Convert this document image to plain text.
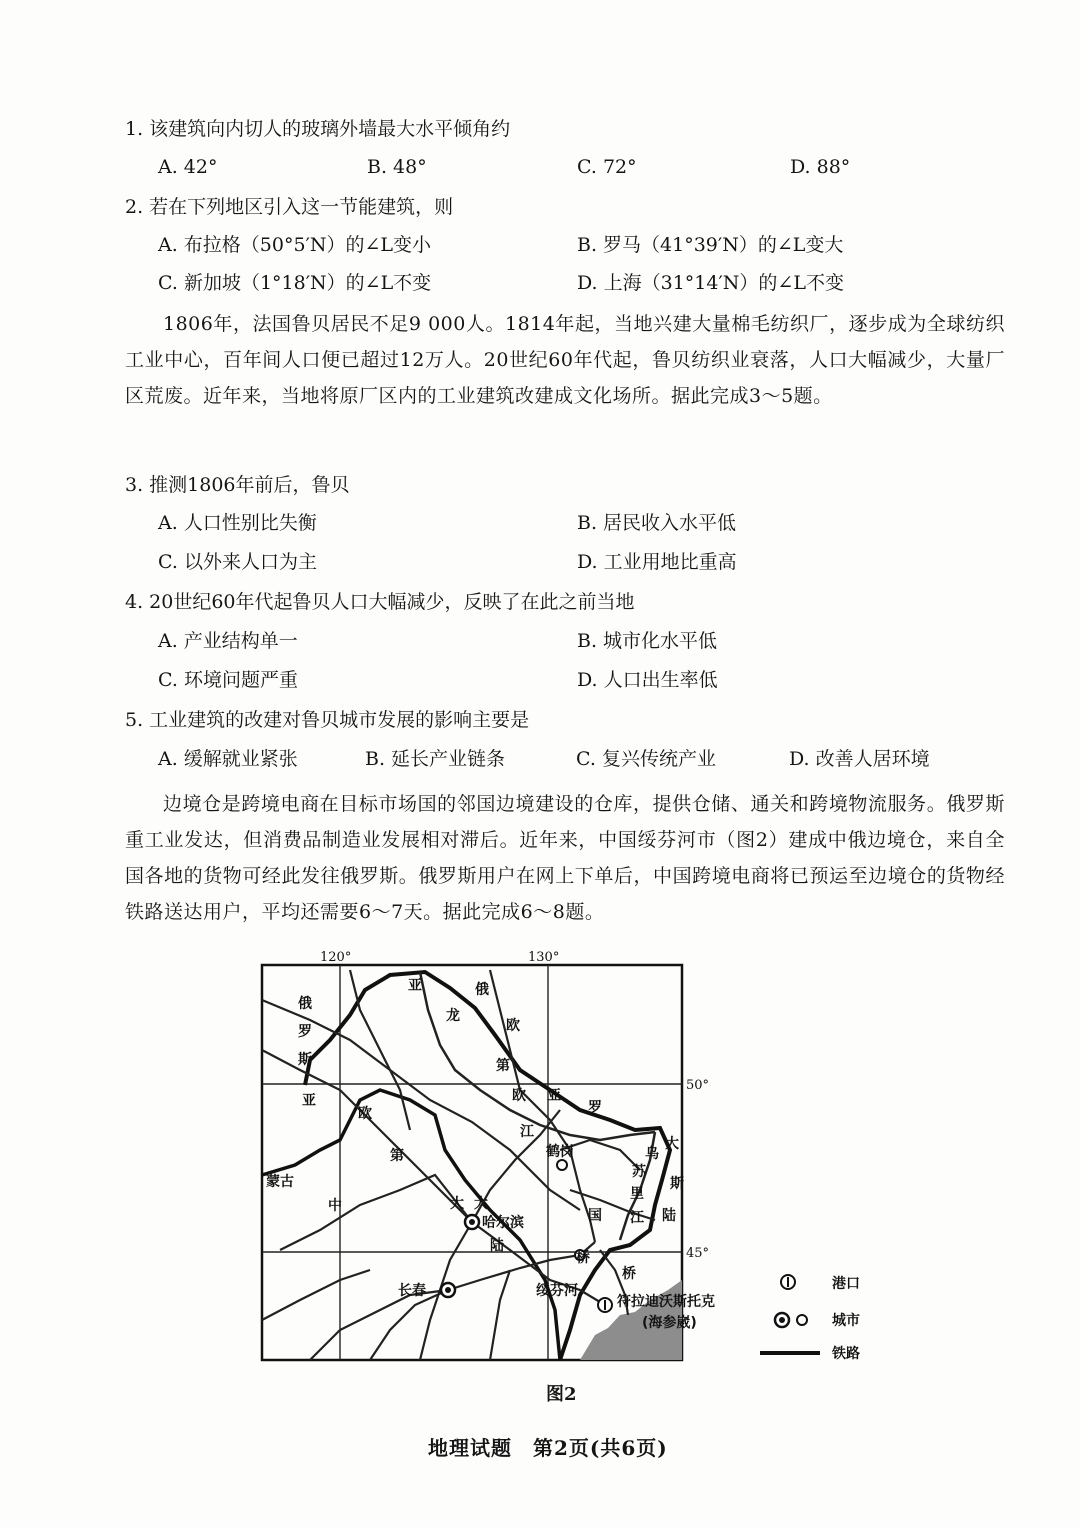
1. 该建筑向内切人的玻璃外墙最大水平倾角约
A. 42°	B. 48°	C. 72°	D. 88°
2. 若在下列地区引入这一节能建筑，则
A. 布拉格（50°5′N）的∠L变小	B. 罗马（41°39′N）的∠L变大
C. 新加坡（1°18′N）的∠L不变	D. 上海（31°14′N）的∠L不变
1806年，法国鲁贝居民不足9 000人。1814年起，当地兴建大量棉毛纺织厂，逐步成为全球纺织工业中心，百年间人口便已超过12万人。20世纪60年代起，鲁贝纺织业衰落，人口大幅减少，大量厂区荒废。近年来，当地将原厂区内的工业建筑改建成文化场所。据此完成3～5题。
3. 推测1806年前后，鲁贝
A. 人口性别比失衡	B. 居民收入水平低
C. 以外来人口为主	D. 工业用地比重高
4. 20世纪60年代起鲁贝人口大幅减少，反映了在此之前当地
A. 产业结构单一	B. 城市化水平低
C. 环境问题严重	D. 人口出生率低
5. 工业建筑的改建对鲁贝城市发展的影响主要是
A. 缓解就业紧张	B. 延长产业链条	C. 复兴传统产业	D. 改善人居环境
边境仓是跨境电商在目标市场国的邻国边境建设的仓库，提供仓储、通关和跨境物流服务。俄罗斯重工业发达，但消费品制造业发展相对滞后。近年来，中国绥芬河市（图2）建成中俄边境仓，来自全国各地的货物可经此发往俄罗斯。俄罗斯用户在网上下单后，中国跨境电商将已预运至边境仓的货物经铁路送达用户，平均还需要6～7天。据此完成6～8题。
鹤岗
哈尔滨
长春	绥芬河
符拉迪沃斯托克
(海参崴)
俄
罗
斯
亚
欧
亚	俄
龙
欧
第
罗
江
亚
欧
第
乌
苏
里
江
大
斯
大
国	陆
蒙古
中	大
陆
桥
桥
120°	130°
50°
45°
港口
城市
铁路
图2
地理试题　第2页(共6页)
